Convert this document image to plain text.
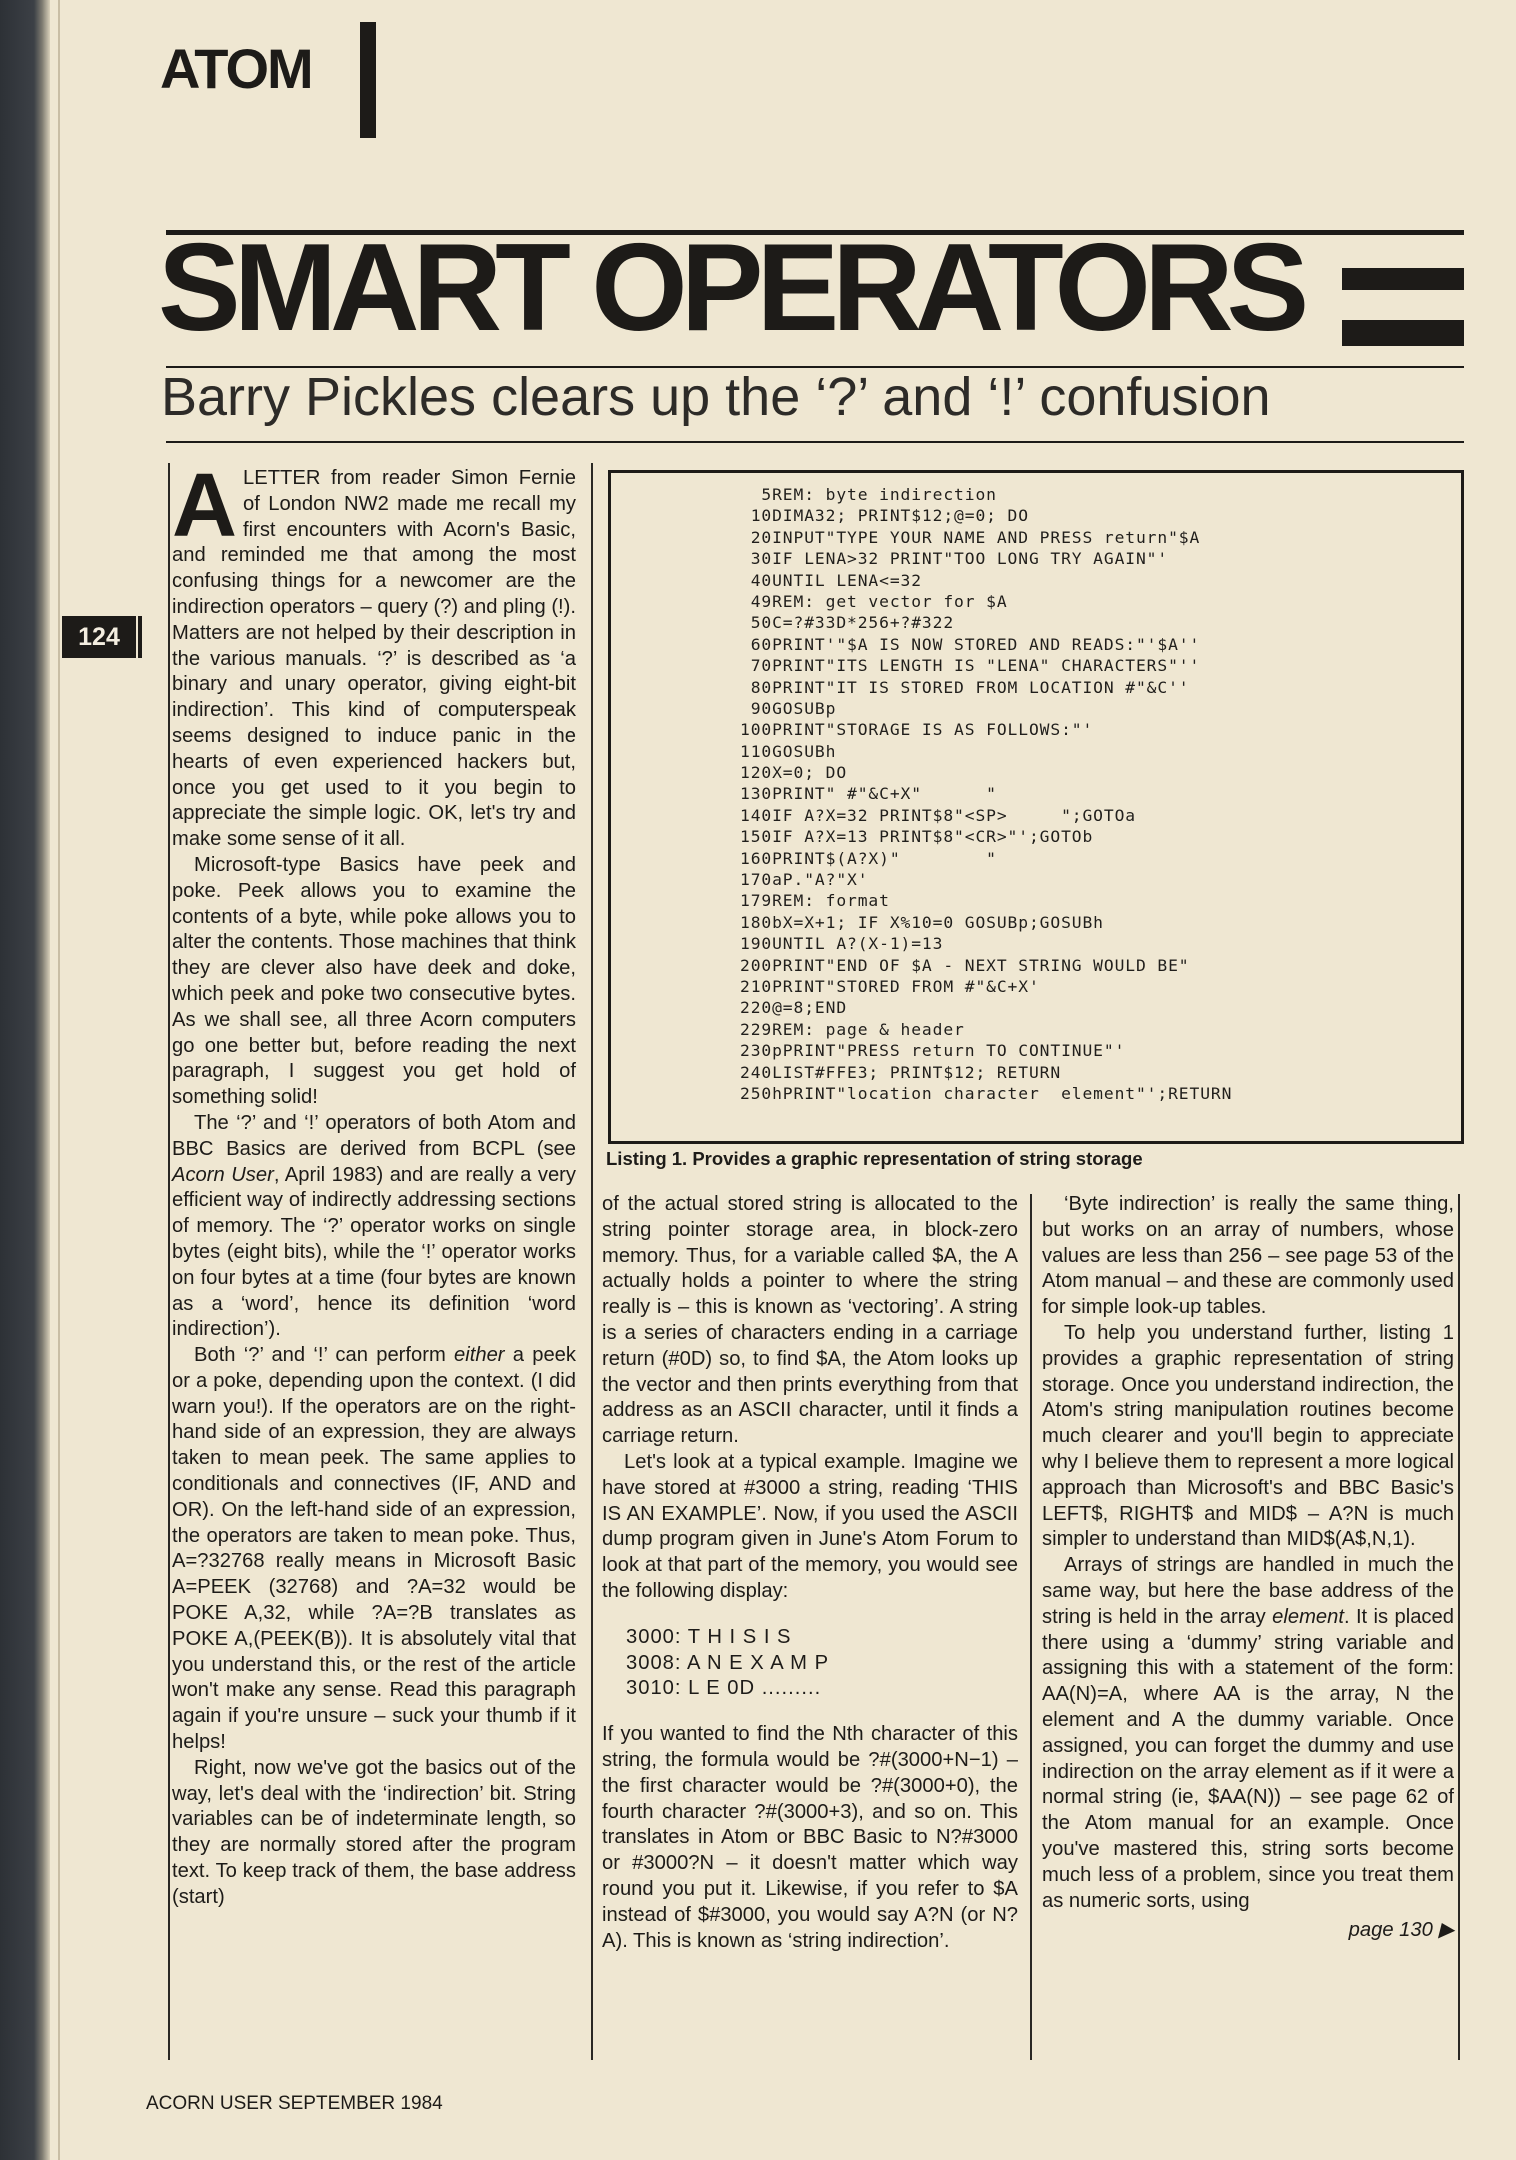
ATOM
SMART OPERATORS
Barry Pickles clears up the ‘?’ and ‘!’ confusion
124

ALETTER from reader Simon Fernie of London NW2 made me recall my first encounters with Acorn's Basic, and reminded me that among the most confusing things for a newcomer are the indirection operators – query (?) and pling (!). Matters are not helped by their description in the various manuals. ‘?’ is described as ‘a binary and unary operator, giving eight-bit indirection’. This kind of computerspeak seems designed to induce panic in the hearts of even experienced hackers but, once you get used to it you begin to appreciate the simple logic. OK, let's try and make some sense of it all.

Microsoft-type Basics have peek and poke. Peek allows you to examine the contents of a byte, while poke allows you to alter the contents. Those machines that think they are clever also have deek and doke, which peek and poke two consecutive bytes. As we shall see, all three Acorn computers go one better but, before reading the next paragraph, I suggest you get hold of something solid!

The ‘?’ and ‘!’ operators of both Atom and BBC Basics are derived from BCPL (see Acorn User, April 1983) and are really a very efficient way of indirectly addressing sections of memory. The ‘?’ operator works on single bytes (eight bits), while the ‘!’ operator works on four bytes at a time (four bytes are known as a ‘word’, hence its definition ‘word indirection’).

Both ‘?’ and ‘!’ can perform either a peek or a poke, depending upon the context. (I did warn you!). If the operators are on the right-hand side of an expression, they are always taken to mean peek. The same applies to conditionals and connectives (IF, AND and OR). On the left-hand side of an expression, the operators are taken to mean poke. Thus, A=?32768 really means in Microsoft Basic A=PEEK (32768) and ?A=32 would be POKE A,32, while ?A=?B translates as POKE A,(PEEK(B)). It is absolutely vital that you understand this, or the rest of the article won't make any sense. Read this paragraph again if you're unsure – suck your thumb if it helps!

Right, now we've got the basics out of the way, let's deal with the ‘indirection’ bit. String variables can be of indeterminate length, so they are normally stored after the program text. To keep track of them, the base address (start)

5REM: byte indirection
10DIMA32; PRINT$12;@=0; DO
20INPUT"TYPE YOUR NAME AND PRESS return"$A
30IF LENA>32 PRINT"TOO LONG TRY AGAIN"'
40UNTIL LENA<=32
49REM: get vector for $A
50C=?#33D*256+?#322
60PRINT'"$A IS NOW STORED AND READS:"'$A''
70PRINT"ITS LENGTH IS "LENA" CHARACTERS"''
80PRINT"IT IS STORED FROM LOCATION #"&C''
90GOSUBp
100PRINT"STORAGE IS AS FOLLOWS:"'
110GOSUBh
120X=0; DO
130PRINT" #"&C+X"      "
140IF A?X=32 PRINT$8"<SP>     ";GOTOa
150IF A?X=13 PRINT$8"<CR>"';GOTOb
160PRINT$(A?X)"        "
170aP."A?"X'
179REM: format
180bX=X+1; IF X%10=0 GOSUBp;GOSUBh
190UNTIL A?(X-1)=13
200PRINT"END OF $A - NEXT STRING WOULD BE"
210PRINT"STORED FROM #"&C+X'
220@=8;END
229REM: page & header
230pPRINT"PRESS return TO CONTINUE"'
240LIST#FFE3; PRINT$12; RETURN
250hPRINT"location character  element"';RETURN
Listing 1. Provides a graphic representation of string storage

of the actual stored string is allocated to the string pointer storage area, in block-zero memory. Thus, for a variable called $A, the A actually holds a pointer to where the string really is – this is known as ‘vectoring’. A string is a series of characters ending in a carriage return (#0D) so, to find $A, the Atom looks up the vector and then prints everything from that address as an ASCII character, until it finds a carriage return.

Let's look at a typical example. Imagine we have stored at #3000 a string, reading ‘THIS IS AN EXAMPLE’. Now, if you used the ASCII dump program given in June's Atom Forum to look at that part of the memory, you would see the following display:

3000: T H I S I S
3008: A N E X A M P
3010: L E 0D .........

If you wanted to find the Nth character of this string, the formula would be ?#(3000+N−1) – the first character would be ?#(3000+0), the fourth character ?#(3000+3), and so on. This translates in Atom or BBC Basic to N?#3000 or #3000?N – it doesn't matter which way round you put it. Likewise, if you refer to $A instead of $#3000, you would say A?N (or N?A). This is known as ‘string indirection’.

‘Byte indirection’ is really the same thing, but works on an array of numbers, whose values are less than 256 – see page 53 of the Atom manual – and these are commonly used for simple look-up tables.

To help you understand further, listing 1 provides a graphic representation of string storage. Once you understand indirection, the Atom's string manipulation routines become much clearer and you'll begin to appreciate why I believe them to represent a more logical approach than Microsoft's and BBC Basic's LEFT$, RIGHT$ and MID$ – A?N is much simpler to understand than MID$(A$,N,1).

Arrays of strings are handled in much the same way, but here the base address of the string is held in the array element. It is placed there using a ‘dummy’ string variable and assigning this with a statement of the form: AA(N)=A, where AA is the array, N the element and A the dummy variable. Once assigned, you can forget the dummy and use indirection on the array element as if it were a normal string (ie, $AA(N)) – see page 62 of the Atom manual for an example. Once you've mastered this, string sorts become much less of a problem, since you treat them as numeric sorts, using

page 130 ▶
ACORN USER SEPTEMBER 1984
